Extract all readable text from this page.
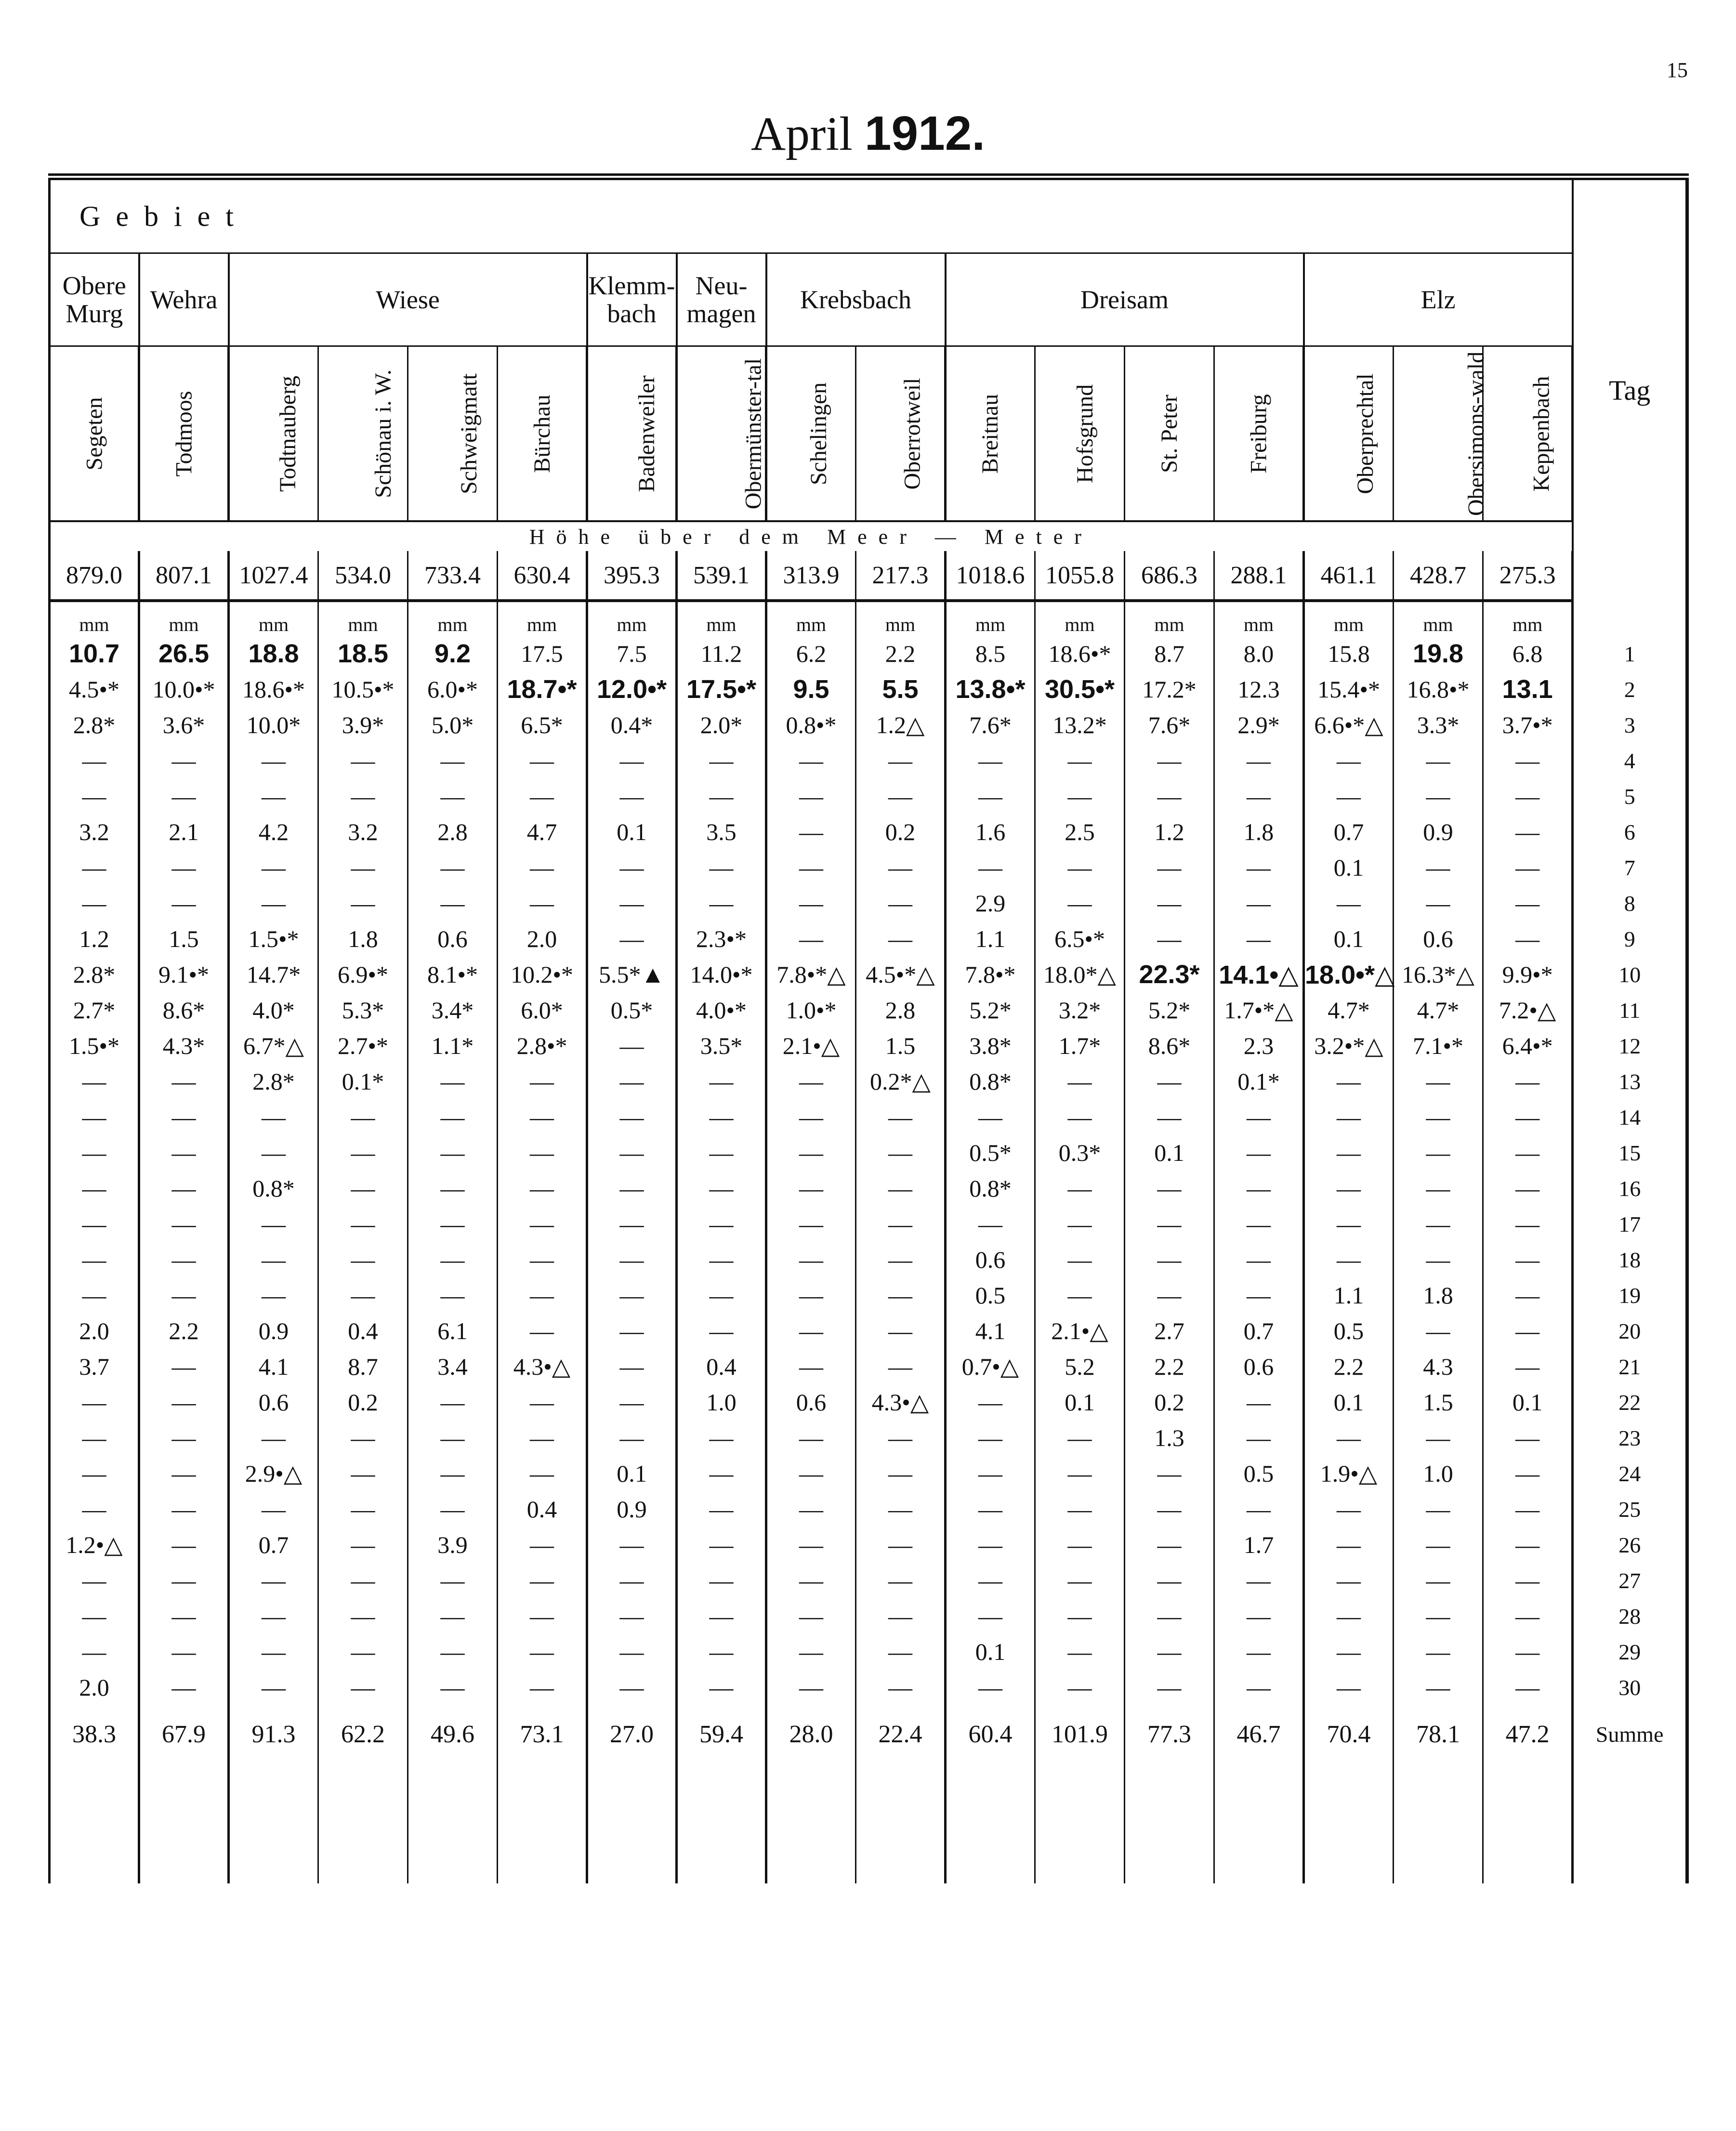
15
April 1912.
Gebiet																	Tag
Obere Murg	Wehra	Wiese				Klemm-bach	Neu-magen	Krebsbach		Dreisam				Elz			
Segeten	Todmoos	Todtnauberg	Schönau i. W.	Schweigmatt	Bürchau	Badenweiler	Obermünster-tal	Schelingen	Oberrotweil	Breitnau	Hofsgrund	St. Peter	Freiburg	Oberprechtal	Obersimons-wald	Keppenbach	
Höhe über dem Meer — Meter																	
879.0	807.1	1027.4	534.0	733.4	630.4	395.3	539.1	313.9	217.3	1018.6	1055.8	686.3	288.1	461.1	428.7	275.3	
mm	mm	mm	mm	mm	mm	mm	mm	mm	mm	mm	mm	mm	mm	mm	mm	mm	
10.7	26.5	18.8	18.5	9.2	17.5	7.5	11.2	6.2	2.2	8.5	18.6•*	8.7	8.0	15.8	19.8	6.8	1
4.5•*	10.0•*	18.6•*	10.5•*	6.0•*	18.7•*	12.0•*	17.5•*	9.5	5.5	13.8•*	30.5•*	17.2*	12.3	15.4•*	16.8•*	13.1	2
2.8*	3.6*	10.0*	3.9*	5.0*	6.5*	0.4*	2.0*	0.8•*	1.2△	7.6*	13.2*	7.6*	2.9*	6.6•*△	3.3*	3.7•*	3
—	—	—	—	—	—	—	—	—	—	—	—	—	—	—	—	—	4
—	—	—	—	—	—	—	—	—	—	—	—	—	—	—	—	—	5
3.2	2.1	4.2	3.2	2.8	4.7	0.1	3.5	—	0.2	1.6	2.5	1.2	1.8	0.7	0.9	—	6
—	—	—	—	—	—	—	—	—	—	—	—	—	—	0.1	—	—	7
—	—	—	—	—	—	—	—	—	—	2.9	—	—	—	—	—	—	8
1.2	1.5	1.5•*	1.8	0.6	2.0	—	2.3•*	—	—	1.1	6.5•*	—	—	0.1	0.6	—	9
2.8*	9.1•*	14.7*	6.9•*	8.1•*	10.2•*	5.5*▲	14.0•*	7.8•*△	4.5•*△	7.8•*	18.0*△	22.3*	14.1•△	18.0•*△	16.3*△	9.9•*	10
2.7*	8.6*	4.0*	5.3*	3.4*	6.0*	0.5*	4.0•*	1.0•*	2.8	5.2*	3.2*	5.2*	1.7•*△	4.7*	4.7*	7.2•△	11
1.5•*	4.3*	6.7*△	2.7•*	1.1*	2.8•*	—	3.5*	2.1•△	1.5	3.8*	1.7*	8.6*	2.3	3.2•*△	7.1•*	6.4•*	12
—	—	2.8*	0.1*	—	—	—	—	—	0.2*△	0.8*	—	—	0.1*	—	—	—	13
—	—	—	—	—	—	—	—	—	—	—	—	—	—	—	—	—	14
—	—	—	—	—	—	—	—	—	—	0.5*	0.3*	0.1	—	—	—	—	15
—	—	0.8*	—	—	—	—	—	—	—	0.8*	—	—	—	—	—	—	16
—	—	—	—	—	—	—	—	—	—	—	—	—	—	—	—	—	17
—	—	—	—	—	—	—	—	—	—	0.6	—	—	—	—	—	—	18
—	—	—	—	—	—	—	—	—	—	0.5	—	—	—	1.1	1.8	—	19
2.0	2.2	0.9	0.4	6.1	—	—	—	—	—	4.1	2.1•△	2.7	0.7	0.5	—	—	20
3.7	—	4.1	8.7	3.4	4.3•△	—	0.4	—	—	0.7•△	5.2	2.2	0.6	2.2	4.3	—	21
—	—	0.6	0.2	—	—	—	1.0	0.6	4.3•△	—	0.1	0.2	—	0.1	1.5	0.1	22
—	—	—	—	—	—	—	—	—	—	—	—	1.3	—	—	—	—	23
—	—	2.9•△	—	—	—	0.1	—	—	—	—	—	—	0.5	1.9•△	1.0	—	24
—	—	—	—	—	0.4	0.9	—	—	—	—	—	—	—	—	—	—	25
1.2•△	—	0.7	—	3.9	—	—	—	—	—	—	—	—	1.7	—	—	—	26
—	—	—	—	—	—	—	—	—	—	—	—	—	—	—	—	—	27
—	—	—	—	—	—	—	—	—	—	—	—	—	—	—	—	—	28
—	—	—	—	—	—	—	—	—	—	0.1	—	—	—	—	—	—	29
2.0	—	—	—	—	—	—	—	—	—	—	—	—	—	—	—	—	30
38.3	67.9	91.3	62.2	49.6	73.1	27.0	59.4	28.0	22.4	60.4	101.9	77.3	46.7	70.4	78.1	47.2	Summe
